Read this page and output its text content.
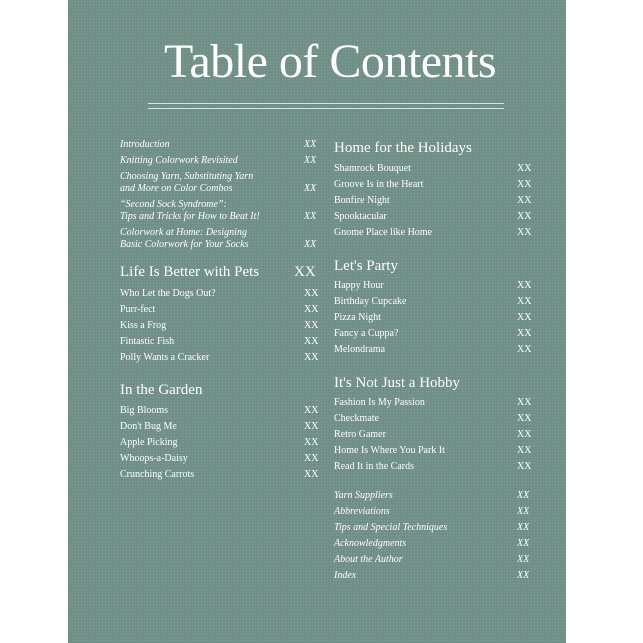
Table of Contents
Introduction	XX
Knitting Colorwork Revisited	XX
Choosing Yarn, Substituting Yarn
and More on Color Combos	XX
“Second Sock Syndrome”:
Tips and Tricks for How to Beat It!	XX
Colorwork at Home: Designing
Basic Colorwork for Your Socks	XX
Life Is Better with Pets XX
Who Let the Dogs Out?	XX
Purr-fect	XX
Kiss a Frog	XX
Fintastic Fish	XX
Polly Wants a Cracker	XX
In the Garden
Big Blooms	XX
Don't Bug Me	XX
Apple Picking	XX
Whoops-a-Daisy	XX
Crunching Carrots	XX
Home for the Holidays
Shamrock Bouquet	XX
Groove Is in the Heart	XX
Bonfire Night	XX
Spooktacular	XX
Gnome Place like Home	XX
Let's Party
Happy Hour	XX
Birthday Cupcake	XX
Pizza Night	XX
Fancy a Cuppa?	XX
Melondrama	XX
It's Not Just a Hobby
Fashion Is My Passion	XX
Checkmate	XX
Retro Gamer	XX
Home Is Where You Park It	XX
Read It in the Cards	XX
Yarn Suppliers	XX
Abbreviations	XX
Tips and Special Techniques	XX
Acknowledgments	XX
About the Author	XX
Index	XX
